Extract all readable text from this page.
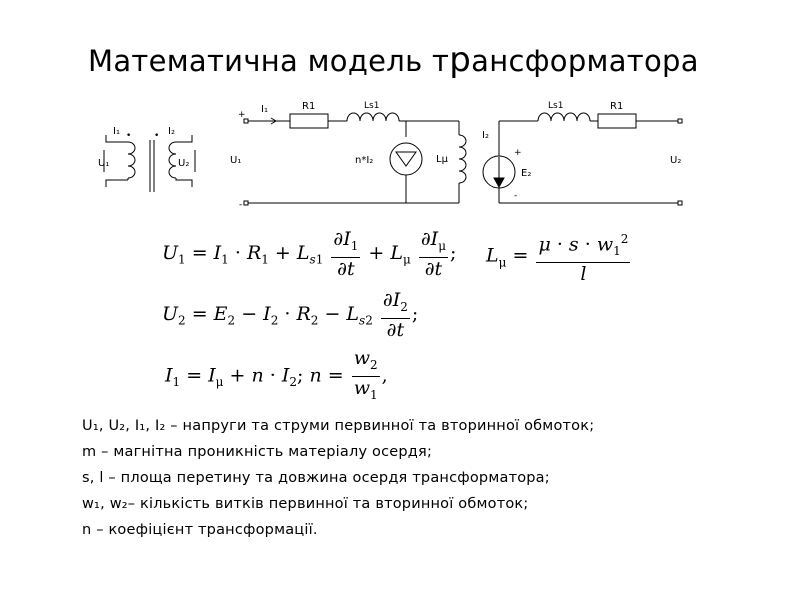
Математична модель трансформатора
I₁	I₂
U₁	U₂
•	•
I₁	R1	Ls1
U₁	n*I₂	Lμ
+
-
Ls1	R1
I₂
E₂
U₂
+
-
$U_1 = I_1 \cdot R_1 + L_{s1} \frac{\partial I_1}{\partial t} + L_\mu \frac{\partial I_\mu}{\partial t}$ ; $L_\mu = \frac{\mu \cdot s \cdot w_1^2}{l}$
$U_2 = E_2 - I_2 \cdot R_2 - L_{s2} \frac{\partial I_2}{\partial t}$ ;
$I_1 = I_\mu + n \cdot I_2$; $n = \frac{w_2}{w_1}$ ,
U₁, U₂, I₁, I₂ – напруги та струми первинної та вторинної обмоток;
m – магнітна проникність матеріалу осердя;
s, l – площа перетину та довжина осердя трансформатора;
w₁, w₂– кількість витків первинної та вторинної обмоток;
n – коефіцієнт трансформації.
